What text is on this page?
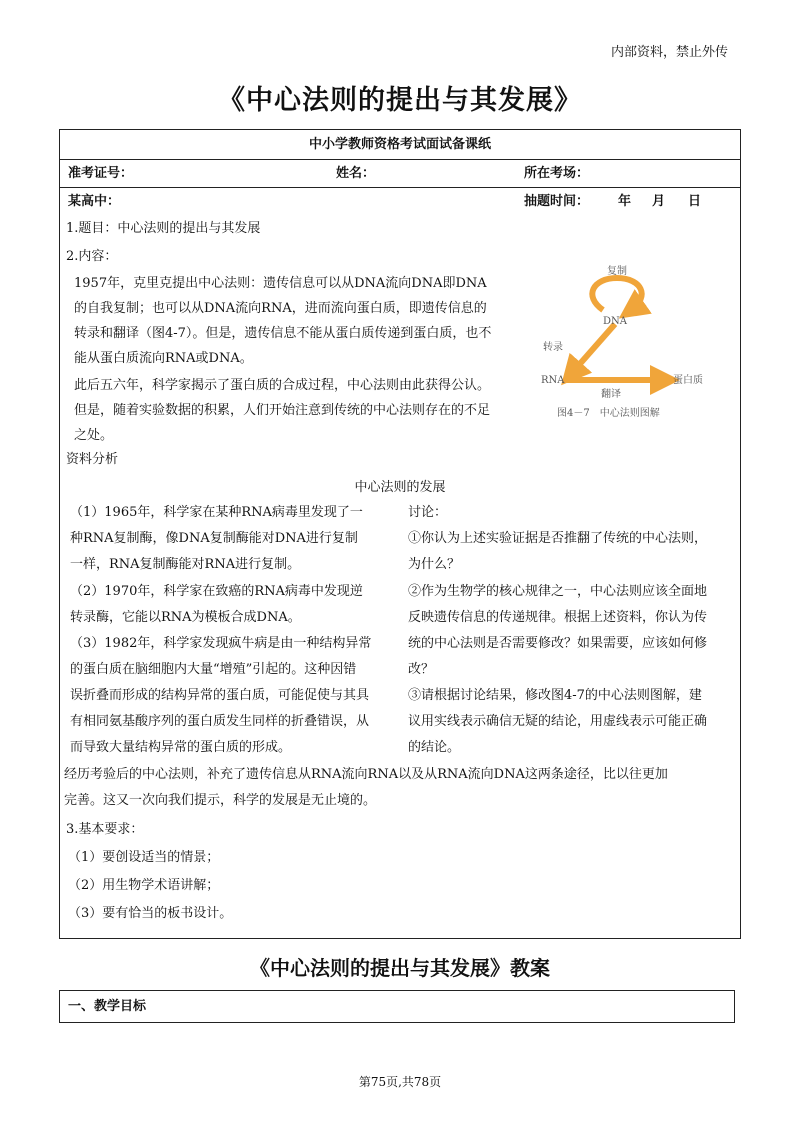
内部资料，禁止外传
《中心法则的提出与其发展》
中小学教师资格考试面试备课纸
准考证号：	姓名：	所在考场：
某高中：	抽题时间： 年 月 日
1.题目：中心法则的提出与其发展
2.内容：
1957年，克里克提出中心法则：遗传信息可以从DNA流向DNA即DNA
的自我复制；也可以从DNA流向RNA，进而流向蛋白质，即遗传信息的
转录和翻译（图4-7）。但是，遗传信息不能从蛋白质传递到蛋白质，也不
能从蛋白质流向RNA或DNA。
此后五六年，科学家揭示了蛋白质的合成过程，中心法则由此获得公认。
但是，随着实验数据的积累，人们开始注意到传统的中心法则存在的不足
之处。
资料分析
中心法则的发展
（1）1965年，科学家在某种RNA病毒里发现了一
种RNA复制酶，像DNA复制酶能对DNA进行复制
一样，RNA复制酶能对RNA进行复制。
（2）1970年，科学家在致癌的RNA病毒中发现逆
转录酶，它能以RNA为模板合成DNA。
（3）1982年，科学家发现疯牛病是由一种结构异常
的蛋白质在脑细胞内大量“增殖”引起的。这种因错
误折叠而形成的结构异常的蛋白质，可能促使与其具
有相同氨基酸序列的蛋白质发生同样的折叠错误，从
而导致大量结构异常的蛋白质的形成。
讨论：
①你认为上述实验证据是否推翻了传统的中心法则，
为什么？
②作为生物学的核心规律之一，中心法则应该全面地
反映遗传信息的传递规律。根据上述资料，你认为传
统的中心法则是否需要修改？如果需要，应该如何修
改？
③请根据讨论结果，修改图4-7的中心法则图解，建
议用实线表示确信无疑的结论，用虚线表示可能正确
的结论。
经历考验后的中心法则，补充了遗传信息从RNA流向RNA以及从RNA流向DNA这两条途径，比以往更加
完善。这又一次向我们提示，科学的发展是无止境的。
3.基本要求：
（1）要创设适当的情景；
（2）用生物学术语讲解；
（3）要有恰当的板书设计。
复制
DNA
转录
RNA
翻译
蛋白质
图4－7　中心法则图解
《中心法则的提出与其发展》教案
一、教学目标
第75页,共78页
